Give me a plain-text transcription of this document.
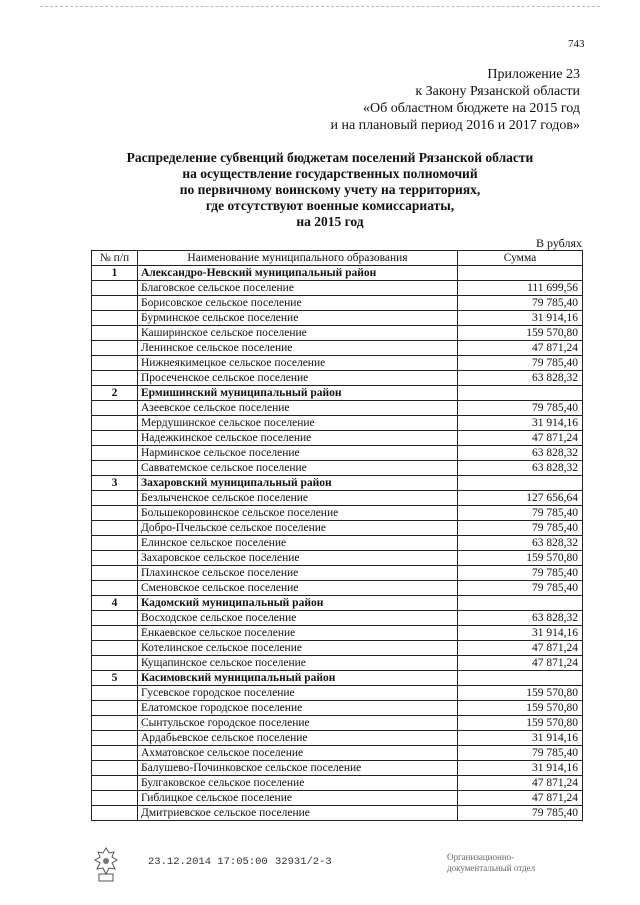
743
Приложение 23
к Закону Рязанской области
«Об областном бюджете на 2015 год
и на плановый период 2016 и 2017 годов»
Распределение субвенций бюджетам поселений Рязанской области
на осуществление государственных полномочий
по первичному воинскому учету на территориях,
где отсутствуют военные комиссариаты,
на 2015 год
В рублях
№ п/п	Наименование муниципального образования	Сумма
1	Александро-Невский муниципальный район	
	Благовское сельское поселение	111 699,56
	Борисовское сельское поселение	79 785,40
	Бурминское сельское поселение	31 914,16
	Каширинское сельское поселение	159 570,80
	Ленинское сельское поселение	47 871,24
	Нижнеякимецкое сельское поселение	79 785,40
	Просеченское сельское поселение	63 828,32
2	Ермишинский муниципальный район	
	Азеевское сельское поселение	79 785,40
	Мердушинское сельское поселение	31 914,16
	Надежкинское сельское поселение	47 871,24
	Нарминское сельское поселение	63 828,32
	Савватемское сельское поселение	63 828,32
3	Захаровский муниципальный район	
	Безлыченское сельское поселение	127 656,64
	Большекоровинское сельское поселение	79 785,40
	Добро-Пчельское сельское поселение	79 785,40
	Елинское сельское поселение	63 828,32
	Захаровское сельское поселение	159 570,80
	Плахинское сельское поселение	79 785,40
	Сменовское сельское поселение	79 785,40
4	Кадомский муниципальный район	
	Восходское сельское поселение	63 828,32
	Енкаевское сельское поселение	31 914,16
	Котелинское сельское поселение	47 871,24
	Кущапинское сельское поселение	47 871,24
5	Касимовский муниципальный район	
	Гусевское городское поселение	159 570,80
	Елатомское городское поселение	159 570,80
	Сынтульское городское поселение	159 570,80
	Ардабьевское сельское поселение	31 914,16
	Ахматовское сельское поселение	79 785,40
	Балушево-Починковское сельское поселение	31 914,16
	Булгаковское сельское поселение	47 871,24
	Гиблицкое сельское поселение	47 871,24
	Дмитриевское сельское поселение	79 785,40
23.12.2014 17:05:00 32931/2-3	Организационно-
документальный отдел
